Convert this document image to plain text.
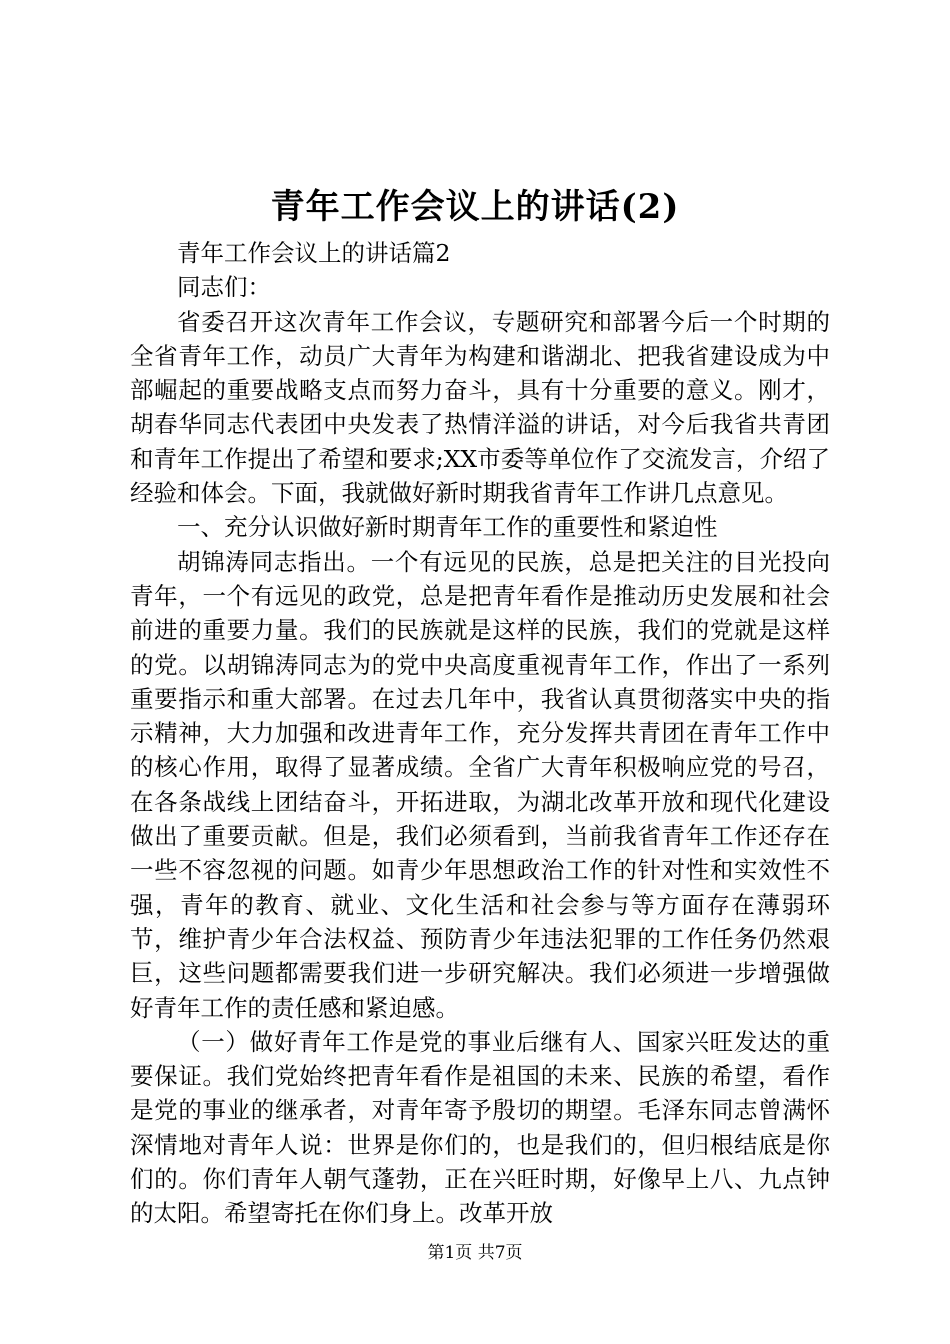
青年工作会议上的讲话(2)

青年工作会议上的讲话篇2

同志们：

省委召开这次青年工作会议，专题研究和部署今后一个时期的全省青年工作，动员广大青年为构建和谐湖北、把我省建设成为中部崛起的重要战略支点而努力奋斗，具有十分重要的意义。刚才，胡春华同志代表团中央发表了热情洋溢的讲话，对今后我省共青团和青年工作提出了希望和要求;XX市委等单位作了交流发言，介绍了经验和体会。下面，我就做好新时期我省青年工作讲几点意见。

一、充分认识做好新时期青年工作的重要性和紧迫性

胡锦涛同志指出。一个有远见的民族，总是把关注的目光投向青年，一个有远见的政党，总是把青年看作是推动历史发展和社会前进的重要力量。我们的民族就是这样的民族，我们的党就是这样的党。以胡锦涛同志为的党中央高度重视青年工作，作出了一系列重要指示和重大部署。在过去几年中，我省认真贯彻落实中央的指示精神，大力加强和改进青年工作，充分发挥共青团在青年工作中的核心作用，取得了显著成绩。全省广大青年积极响应党的号召，在各条战线上团结奋斗，开拓进取，为湖北改革开放和现代化建设做出了重要贡献。但是，我们必须看到，当前我省青年工作还存在一些不容忽视的问题。如青少年思想政治工作的针对性和实效性不强，青年的教育、就业、文化生活和社会参与等方面存在薄弱环节，维护青少年合法权益、预防青少年违法犯罪的工作任务仍然艰巨，这些问题都需要我们进一步研究解决。我们必须进一步增强做好青年工作的责任感和紧迫感。

（一）做好青年工作是党的事业后继有人、国家兴旺发达的重要保证。我们党始终把青年看作是祖国的未来、民族的希望，看作是党的事业的继承者，对青年寄予殷切的期望。毛泽东同志曾满怀深情地对青年人说：世界是你们的，也是我们的，但归根结底是你们的。你们青年人朝气蓬勃，正在兴旺时期，好像早上八、九点钟的太阳。希望寄托在你们身上。改革开放

第1页 共7页
